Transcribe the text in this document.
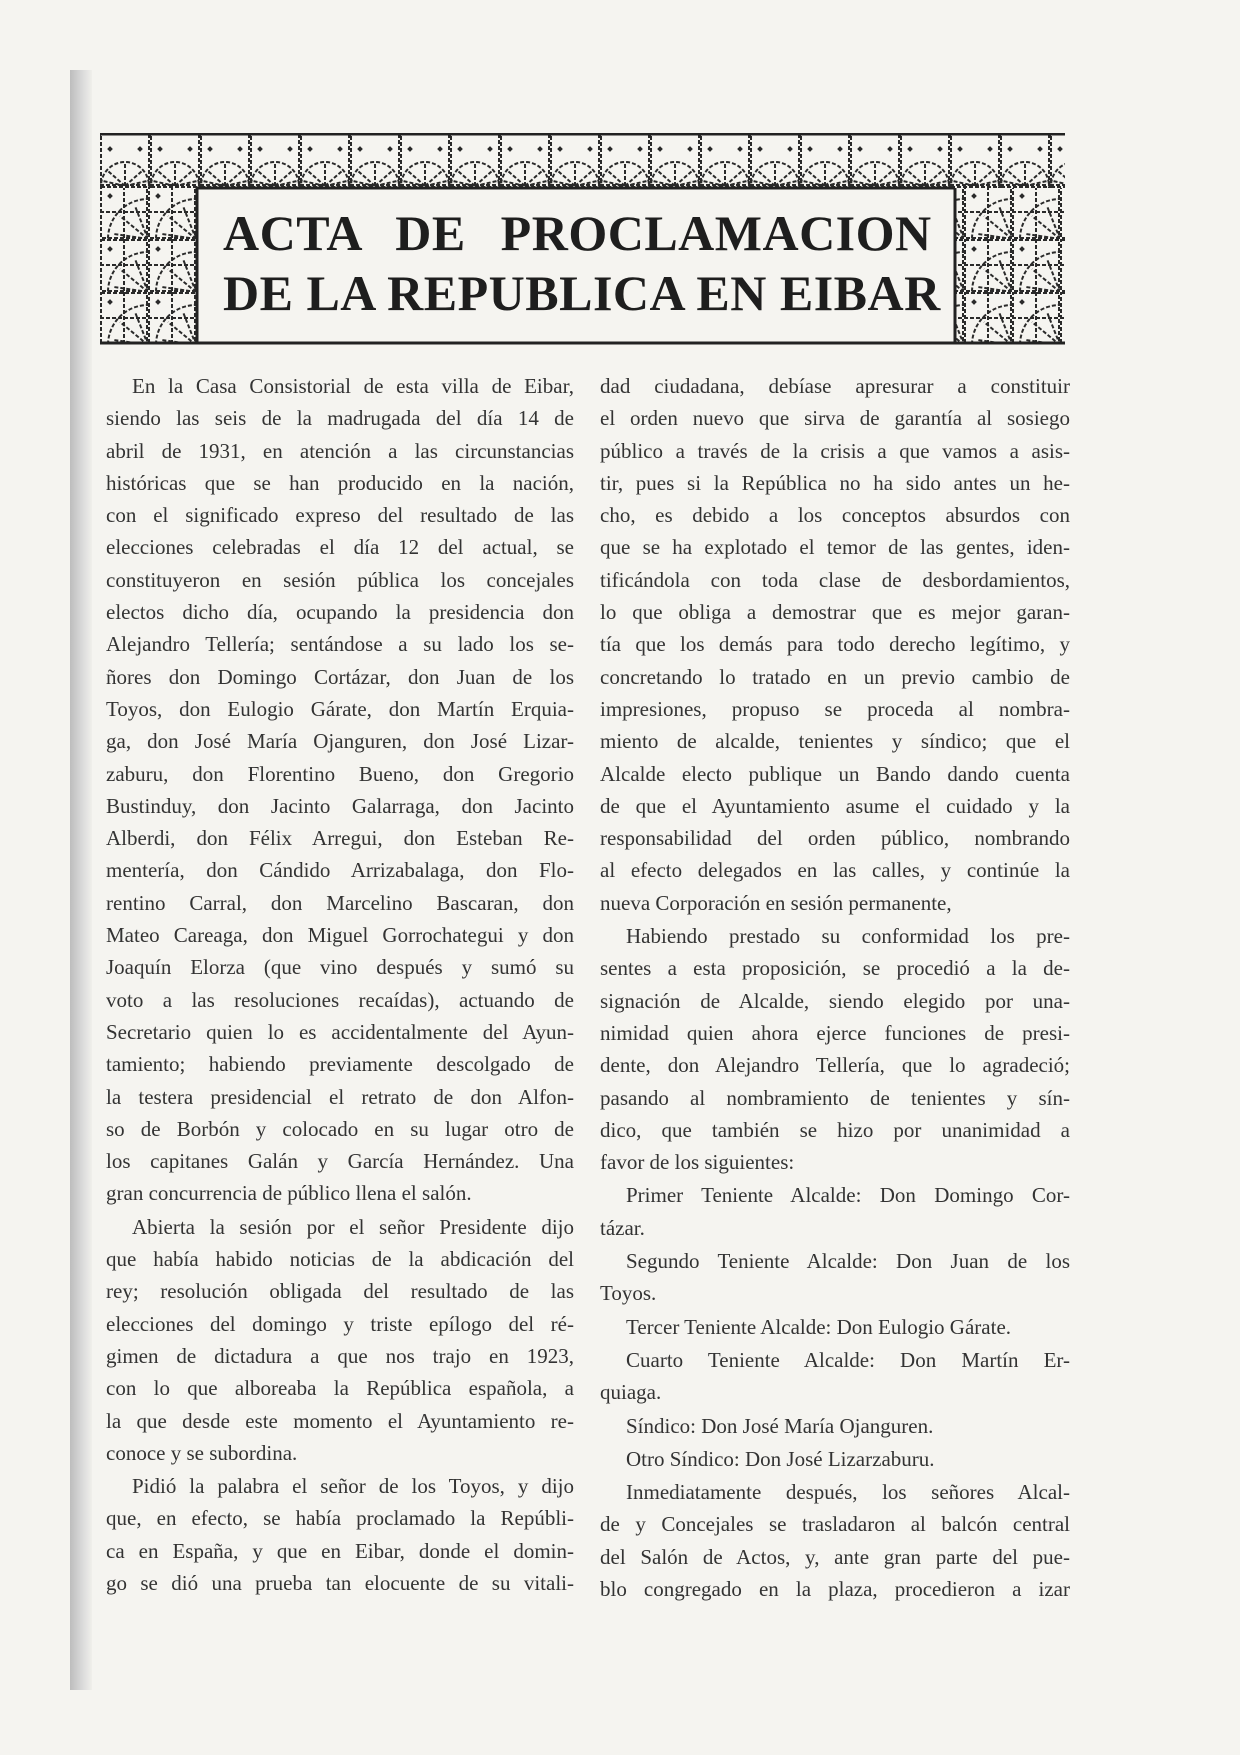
ACTA DE PROCLAMACION
DE LA REPUBLICA EN EIBAR
En la Casa Consistorial de esta villa de Eibar,
siendo las seis de la madrugada del día 14 de
abril de 1931, en atención a las circunstancias
históricas que se han producido en la nación,
con el significado expreso del resultado de las
elecciones celebradas el día 12 del actual, se
constituyeron en sesión pública los concejales
electos dicho día, ocupando la presidencia don
Alejandro Tellería; sentándose a su lado los se-
ñores don Domingo Cortázar, don Juan de los
Toyos, don Eulogio Gárate, don Martín Erquia-
ga, don José María Ojanguren, don José Lizar-
zaburu, don Florentino Bueno, don Gregorio
Bustinduy, don Jacinto Galarraga, don Jacinto
Alberdi, don Félix Arregui, don Esteban Re-
mentería, don Cándido Arrizabalaga, don Flo-
rentino Carral, don Marcelino Bascaran, don
Mateo Careaga, don Miguel Gorrochategui y don
Joaquín Elorza (que vino después y sumó su
voto a las resoluciones recaídas), actuando de
Secretario quien lo es accidentalmente del Ayun-
tamiento; habiendo previamente descolgado de
la testera presidencial el retrato de don Alfon-
so de Borbón y colocado en su lugar otro de
los capitanes Galán y García Hernández. Una
gran concurrencia de público llena el salón.
Abierta la sesión por el señor Presidente dijo
que había habido noticias de la abdicación del
rey; resolución obligada del resultado de las
elecciones del domingo y triste epílogo del ré-
gimen de dictadura a que nos trajo en 1923,
con lo que alboreaba la República española, a
la que desde este momento el Ayuntamiento re-
conoce y se subordina.
Pidió la palabra el señor de los Toyos, y dijo
que, en efecto, se había proclamado la Repúbli-
ca en España, y que en Eibar, donde el domin-
go se dió una prueba tan elocuente de su vitali-
dad ciudadana, debíase apresurar a constituir
el orden nuevo que sirva de garantía al sosiego
público a través de la crisis a que vamos a asis-
tir, pues si la República no ha sido antes un he-
cho, es debido a los conceptos absurdos con
que se ha explotado el temor de las gentes, iden-
tificándola con toda clase de desbordamientos,
lo que obliga a demostrar que es mejor garan-
tía que los demás para todo derecho legítimo, y
concretando lo tratado en un previo cambio de
impresiones, propuso se proceda al nombra-
miento de alcalde, tenientes y síndico; que el
Alcalde electo publique un Bando dando cuenta
de que el Ayuntamiento asume el cuidado y la
responsabilidad del orden público, nombrando
al efecto delegados en las calles, y continúe la
nueva Corporación en sesión permanente,
Habiendo prestado su conformidad los pre-
sentes a esta proposición, se procedió a la de-
signación de Alcalde, siendo elegido por una-
nimidad quien ahora ejerce funciones de presi-
dente, don Alejandro Tellería, que lo agradeció;
pasando al nombramiento de tenientes y sín-
dico, que también se hizo por unanimidad a
favor de los siguientes:
Primer Teniente Alcalde: Don Domingo Cor-
tázar.
Segundo Teniente Alcalde: Don Juan de los
Toyos.
Tercer Teniente Alcalde: Don Eulogio Gárate.
Cuarto Teniente Alcalde: Don Martín Er-
quiaga.
Síndico: Don José María Ojanguren.
Otro Síndico: Don José Lizarzaburu.
Inmediatamente después, los señores Alcal-
de y Concejales se trasladaron al balcón central
del Salón de Actos, y, ante gran parte del pue-
blo congregado en la plaza, procedieron a izar
